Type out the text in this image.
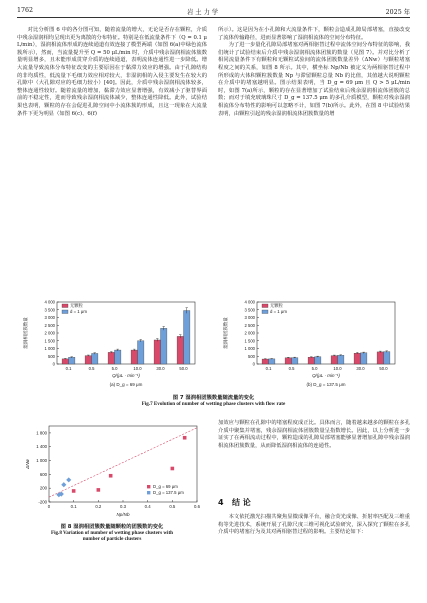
1762	岩 土 力 学	2025 年

对比分析图 6 中的各分图可知，随着流量的增大，无论是否存在颗粒，介质中残余湿润相均呈现出更为离散的分布特征。特别是在低流量条件下（Q = 0.1 μL/min），湿润相流体形成的连续通道有效连接了模型两端（如图 6(a)中绿色流体簇所示），然而，当流量提升至 Q = 50 μL/min 时，介质中残余湿润相流体簇数量明显增多，且未能形成贯穿介质的连续通道，表明流体连通性进一步降低。增大流量导致流体分布特征改变的主要原因在于黏滞力效应的增强。由于孔隙结构的非均质性，低流量下毛细力效应相对较大，非湿润相的入侵主要发生在较大的孔隙中（大孔隙对应的毛细力较小）[40]。因此，介质中残余湿润相流体较多，整体连通性较好。随着流量的增加，黏滞力效应显著增强，有效减小了驱替界面前的不稳定性，进而导致残余湿润相流体减少，整体连通性降低。此外，试验结果也表明，颗粒的存在会促进孔隙空间中小流体簇的形成，且这一现象在大流量条件下更为明显（如图 6(c)、6(f)

所示）。这是因为在小孔隙和大流量条件下，颗粒会造成孔隙局部堵塞，直接改变了流体传输路径，进而显著影响了湿润相流体的空间分布特征。

为了进一步量化孔隙局部堵塞对两相驱替过程中流体空间分布特征的影响，我们统计了试验结束后介质中残余湿润相流体团簇的数量（见图 7）。并对比分析了相同流量条件下有颗粒和无颗粒试验间的流体团簇数量差异（ΔNw）与颗粒堵塞程度之间的关系，如图 8 所示。其中，横坐标 Np/Nb 被定义为两相驱替过程中所形成的大体积颗粒簇数量 Np 与滞留颗粒总量 Nb 的比值，其值越大说明颗粒在介质中的堵塞越明显。图示结果表明，当 D_g = 69 μm 且 Q > 5 μL/min 时，如图 7(a)所示，颗粒的存在显著增加了试验结束后残余湿润相流体团簇的总数；而对于填充玻璃珠尺寸 D_g = 137.5 μm 的多孔介质模型，颗粒对残余湿润相流体分布特性的影响可以忽略不计，如图 7(b)所示。此外，在图 8 中试验结果表明，由颗粒引起的残余湿润相流体团簇数量的增

0
500
1 000
1 500
2 000
2 500
3 000
3 500
4 000
0.1	0.5	5.0	10.0	30.0	50.0
无颗粒
d = 1 μm
Q/(μL · min⁻¹)
湿润相团簇数量
(a) D_g = 69 μm
0
500
1 000
1 500
2 000
2 500
3 000
3 500
4 000
0.1	0.5	5.0	10.0	30.0	50.0
无颗粒
d = 1 μm
Q/(μL · min⁻¹)
湿润相团簇数量
(b) D_g = 137.5 μm
图 7 湿润相团簇数量随流量的变化
Fig.7 Evolution of number of wetting phase clusters with flow rate
0	0.1	0.2	0.3	0.4	0.5	0.6
-200
200
600
1 000
1 400
1 800
D_g = 69 μm
D_g = 137.5 μm
Np/Nb
ΔNw
图 8 湿润相团簇数量随颗粒的团簇数的变化
Fig.8 Variation of number of wetting phase clusters with
number of particle clusters

加效应与颗粒在孔隙中的堵塞程度成正比。具体而言，随着越来越多的颗粒在多孔介质中聚集并堵塞，残余湿润相流体团簇数量呈指数增长。因此，以上分析进一步证实了在两相流动过程中，颗粒造成的孔隙局部堵塞能够显著增加孔隙中残余湿润相流体团簇数量，从而降低湿润相流体的连通性。

4 结 论

本文依托激光扫描共聚焦显微成像平台，融合荧光成像、折射率匹配及三维重构等先进技术，系统开展了孔隙尺度三维可视化试验研究，深入探究了颗粒在多孔介质中的堵塞行为及其对两相驱替过程的影响。主要结论如下：
